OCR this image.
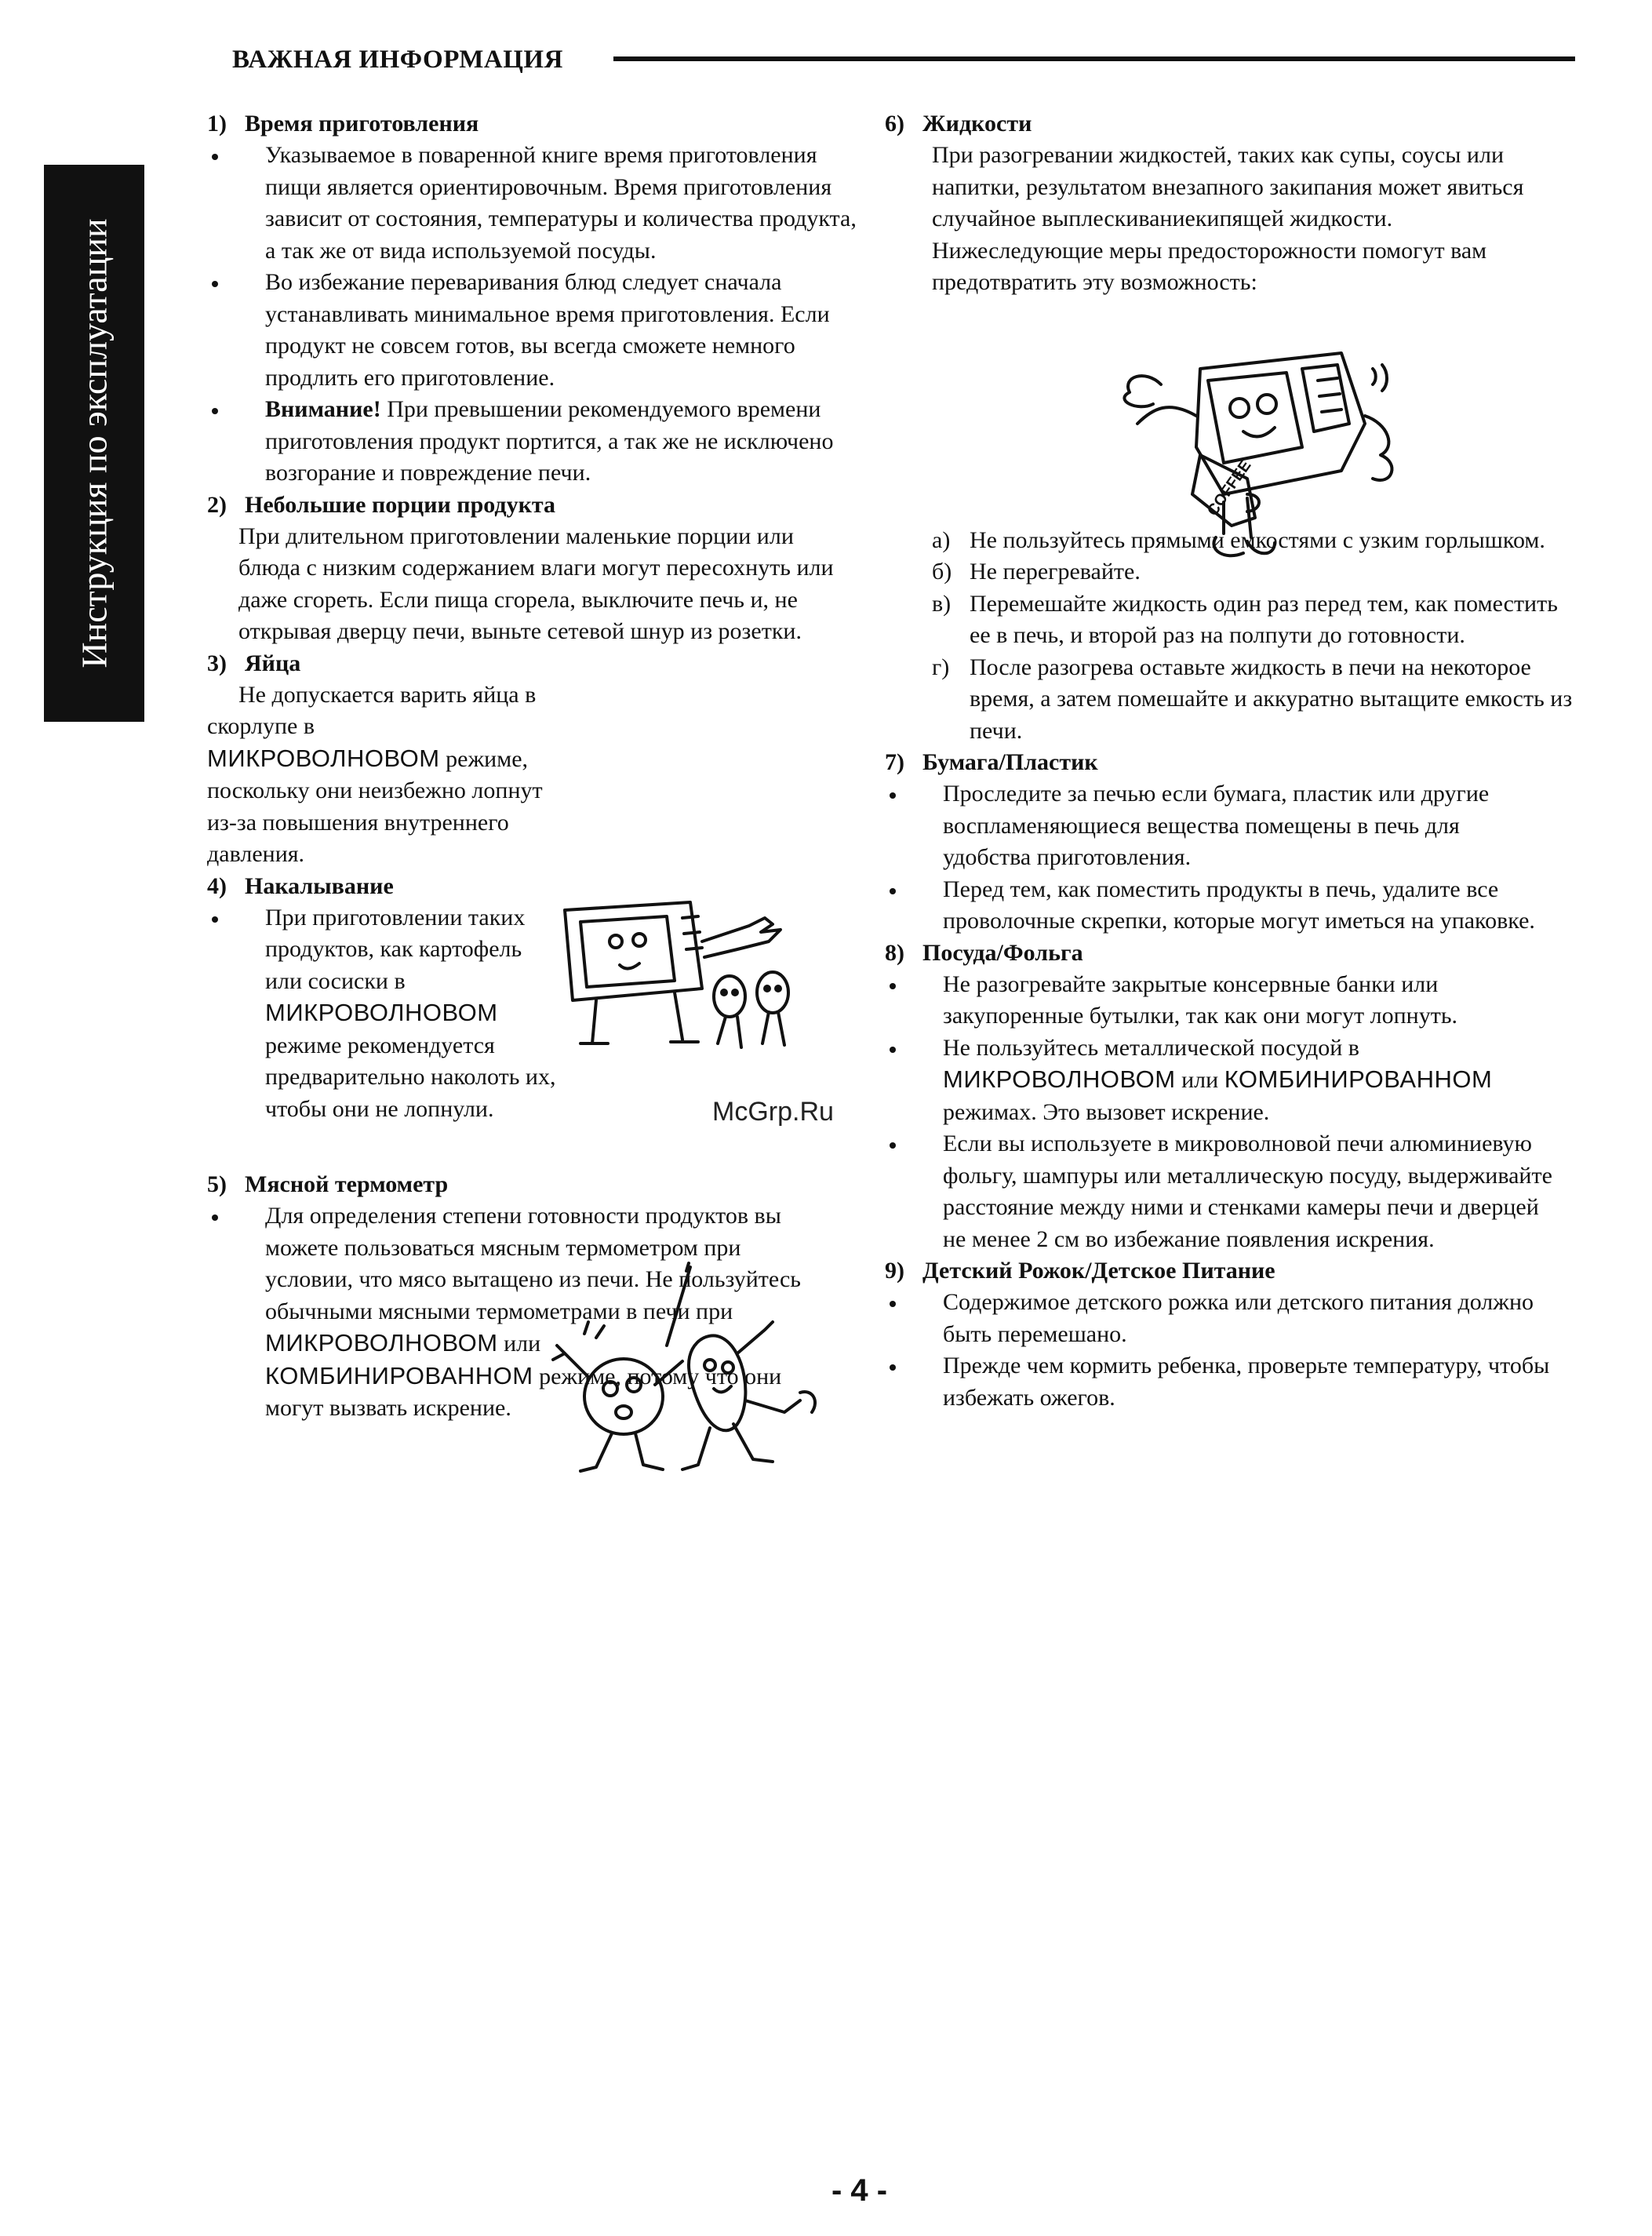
ВАЖНАЯ ИНФОРМАЦИЯ
Инструкция по эксплуатации
1) Время приготовления
Указываемое в поваренной книге время приготовления пищи является ориентировочным. Время приготовления зависит от состояния, температуры и количества продукта, а так же от вида используемой посуды.
Во избежание переваривания блюд следует сначала устанавливать минимальное время приготовления. Если продукт не совсем готов, вы всегда сможете немного продлить его приготовление.
Внимание! При превышении рекомендуемого времени приготовления продукт портится, а так же не исключено возгорание и повреждение печи.
2) Небольшие порции продукта
При длительном приготовлении маленькие порции или блюда с низким содержанием влаги могут пересохнуть или даже сгореть. Если пища сгорела, выключите печь и, не открывая дверцу печи, выньте сетевой шнур из розетки.
3) Яйца
Не допускается варить яйца в скорлупе в МИКРОВОЛНОВОМ режиме, поскольку они неизбежно лопнут из-за повышения внутреннего давления.
4) Накалывание
При приготовлении таких продуктов, как картофель или сосиски в МИКРОВОЛНОВОМ режиме рекомендуется предварительно наколоть их, чтобы они не лопнули.
5) Мясной термометр
Для определения степени готовности продуктов вы можете пользоваться мясным термометром при условии, что мясо вытащено из печи. Не пользуйтесь обычными мясными термометрами в печи при МИКРОВОЛНОВОМ или КОМБИНИРОВАННОМ режиме, потому что они могут вызвать искрение.
6) Жидкости
При разогревании жидкостей, таких как супы, соусы или напитки, результатом внезапного закипания может явиться случайное выплескиваниекипящей жидкости. Нижеследующие меры предосторожности помогут вам предотвратить эту возможность:
а) Не пользуйтесь прямыми емкостями с узким горлышком.
б) Не перегревайте.
в) Перемешайте жидкость один раз перед тем, как поместить ее в печь, и второй раз на полпути до готовности.
г) После разогрева оставьте жидкость в печи на некоторое время, а затем помешайте и аккуратно вытащите емкость из печи.
7) Бумага/Пластик
Проследите за печью если бумага, пластик или другие воспламеняющиеся вещества помещены в печь для удобства приготовления.
Перед тем, как поместить продукты в печь, удалите все проволочные скрепки, которые могут иметься на упаковке.
8) Посуда/Фольга
Не разогревайте закрытые консервные банки или закупоренные бутылки, так как они могут лопнуть.
Не пользуйтесь металлической посудой в МИКРОВОЛНОВОМ или КОМБИНИРОВАННОМ режимах. Это вызовет искрение.
Если вы используете в микроволновой печи алюминиевую фольгу, шампуры или металлическую посуду, выдерживайте расстояние между ними и стенками камеры печи и дверцей не менее 2 см во избежание появления искрения.
9) Детский Рожок/Детское Питание
Содержимое детского рожка или детского питания должно быть перемешано.
Прежде чем кормить ребенка, проверьте температуру, чтобы избежать ожегов.
COFFEE
McGrp.Ru
- 4 -
